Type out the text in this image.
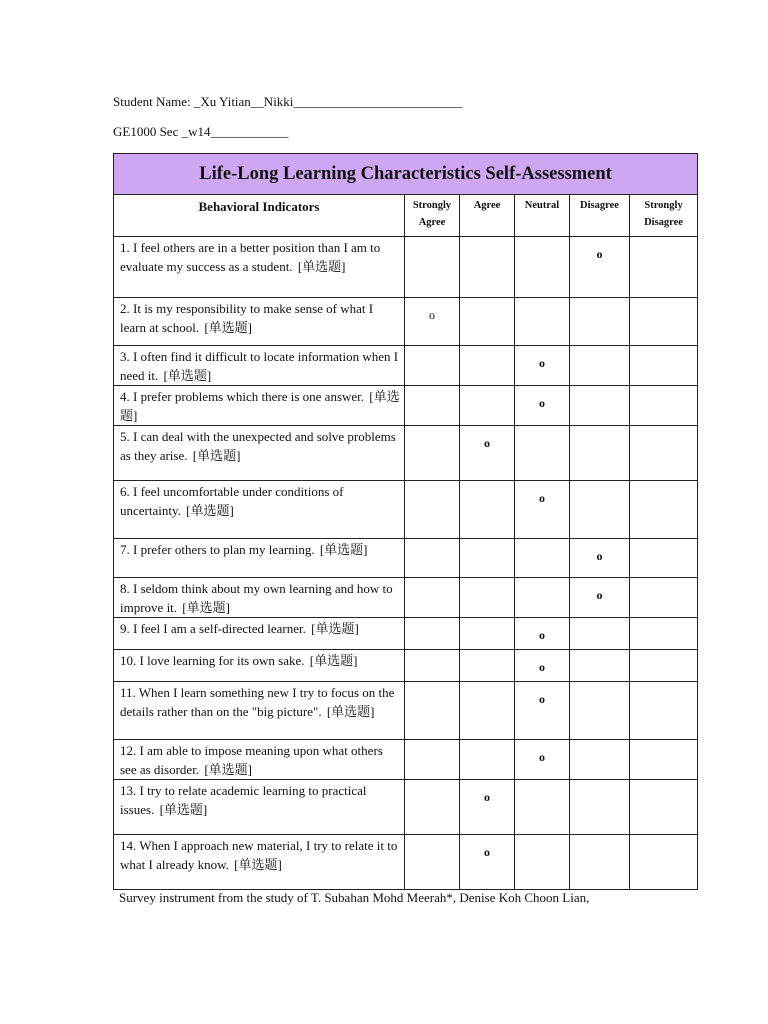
Student Name: _Xu Yitian__Nikki__________________________
GE1000 Sec _w14____________
Life-Long Learning Characteristics Self-Assessment					
Behavioral Indicators	Strongly Agree	Agree	Neutral	Disagree	Strongly Disagree
1. I feel others are in a better position than I am to evaluate my success as a student. [单选题]				o	
2. It is my responsibility to make sense of what I learn at school. [单选题]	o				
3. I often find it difficult to locate information when I need it. [单选题]			o		
4. I prefer problems which there is one answer. [单选题]			o		
5. I can deal with the unexpected and solve problems as they arise. [单选题]		o			
6. I feel uncomfortable under conditions of uncertainty. [单选题]			o		
7. I prefer others to plan my learning. [单选题]				o	
8. I seldom think about my own learning and how to improve it. [单选题]				o	
9. I feel I am a self-directed learner. [单选题]			o		
10. I love learning for its own sake. [单选题]			o		
11. When I learn something new I try to focus on the details rather than on the "big picture". [单选题]			o		
12. I am able to impose meaning upon what others see as disorder. [单选题]			o		
13. I try to relate academic learning to practical issues. [单选题]		o			
14. When I approach new material, I try to relate it to what I already know. [单选题]		o			
Survey instrument from the study of T. Subahan Mohd Meerah*, Denise Koh Choon Lian,
